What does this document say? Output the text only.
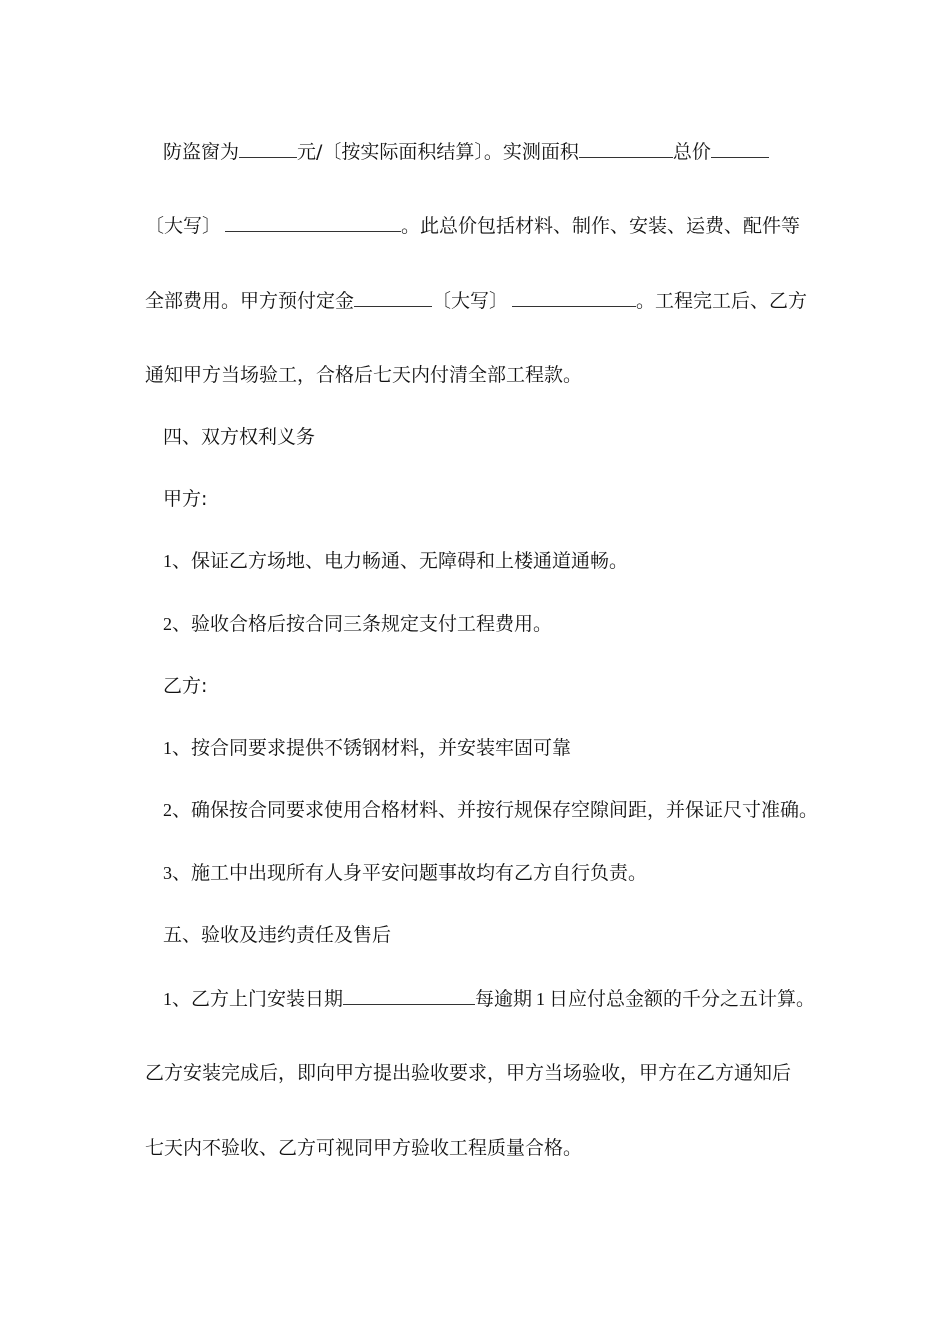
防盗窗为	元/〔按实际面积结算〕。实测面积	总价
〔大写〕	。此总价包括材料、制作、安装、运费、配件等
全部费用。甲方预付定金	〔大写〕	。工程完工后、乙方
通知甲方当场验工，合格后七天内付清全部工程款。
四、双方权利义务
甲方:
1、保证乙方场地、电力畅通、无障碍和上楼通道通畅。
2、验收合格后按合同三条规定支付工程费用。
乙方:
1、按合同要求提供不锈钢材料，并安装牢固可靠
2、确保按合同要求使用合格材料、并按行规保存空隙间距，并保证尺寸准确。
3、施工中出现所有人身平安问题事故均有乙方自行负责。
五、验收及违约责任及售后
1、乙方上门安装日期	每逾期 1 日应付总金额的千分之五计算。
乙方安装完成后，即向甲方提出验收要求，甲方当场验收，甲方在乙方通知后
七天内不验收、乙方可视同甲方验收工程质量合格。
